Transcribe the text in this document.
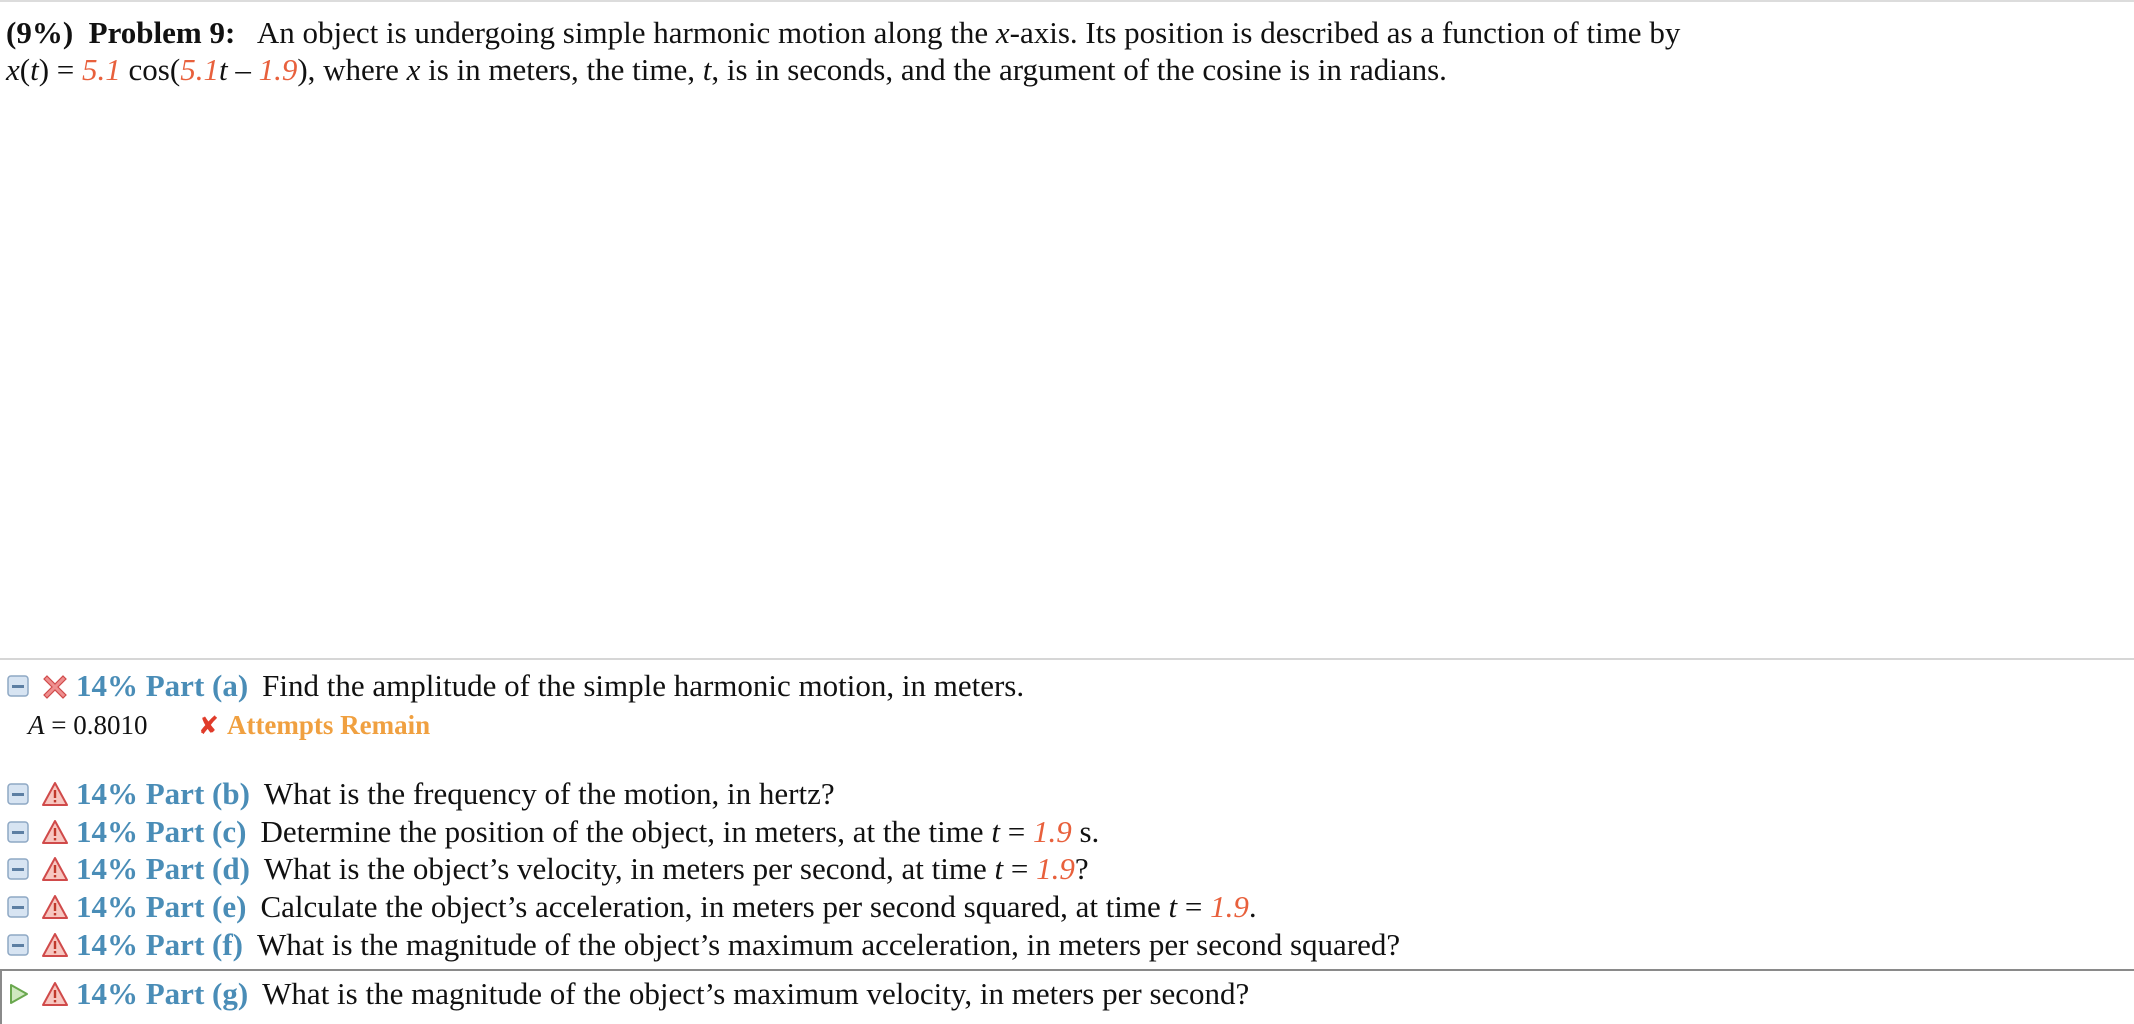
(9%) Problem 9: An object is undergoing simple harmonic motion along the x-axis. Its position is described as a function of time by
x(t) = 5.1 cos(5.1t – 1.9), where x is in meters, the time, t, is in seconds, and the argument of the cosine is in radians.
14% Part (a) Find the amplitude of the simple harmonic motion, in meters.
A = 0.8010	✘ Attempts Remain
14% Part (b) What is the frequency of the motion, in hertz?
14% Part (c) Determine the position of the object, in meters, at the time t = 1.9 s.
14% Part (d) What is the object’s velocity, in meters per second, at time t = 1.9?
14% Part (e) Calculate the object’s acceleration, in meters per second squared, at time t = 1.9.
14% Part (f) What is the magnitude of the object’s maximum acceleration, in meters per second squared?
14% Part (g) What is the magnitude of the object’s maximum velocity, in meters per second?
